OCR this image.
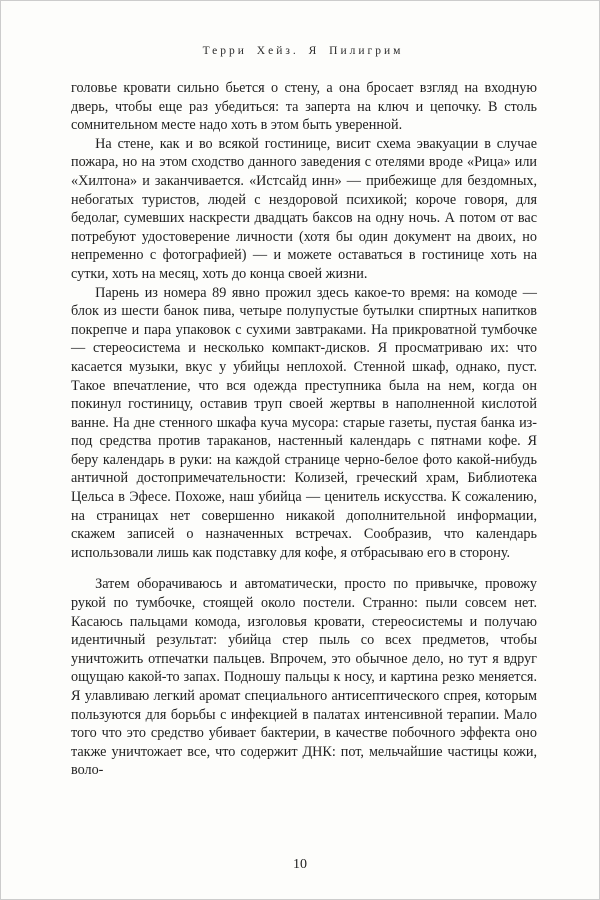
Терри Хейз. Я Пилигрим

головье кровати сильно бьется о стену, а она бросает взгляд на входную дверь, чтобы еще раз убедиться: та заперта на ключ и цепочку. В столь сомнительном месте надо хоть в этом быть уверенной.

На стене, как и во всякой гостинице, висит схема эвакуации в случае пожара, но на этом сходство данного заведения с отелями вроде «Рица» или «Хилтона» и заканчивается. «Истсайд инн» — прибежище для бездомных, небогатых туристов, людей с нездоровой психикой; короче говоря, для бедолаг, сумевших наскрести двадцать баксов на одну ночь. А потом от вас потребуют удостоверение личности (хотя бы один документ на двоих, но непременно с фотографией) — и можете оставаться в гостинице хоть на сутки, хоть на месяц, хоть до конца своей жизни.

Парень из номера 89 явно прожил здесь какое-то время: на комоде — блок из шести банок пива, четыре полупустые бутылки спиртных напитков покрепче и пара упаковок с сухими завтраками. На прикроватной тумбочке — стереосистема и несколько компакт-дисков. Я просматриваю их: что касается музыки, вкус у убийцы неплохой. Стенной шкаф, однако, пуст. Такое впечатление, что вся одежда преступника была на нем, когда он покинул гостиницу, оставив труп своей жертвы в наполненной кислотой ванне. На дне стенного шкафа куча мусора: старые газеты, пустая банка из-под средства против тараканов, настенный календарь с пятнами кофе. Я беру календарь в руки: на каждой странице черно-белое фото какой-нибудь античной достопримечательности: Колизей, греческий храм, Библиотека Цельса в Эфесе. Похоже, наш убийца — ценитель искусства. К сожалению, на страницах нет совершенно никакой дополнительной информации, скажем записей о назначенных встречах. Сообразив, что календарь использовали лишь как подставку для кофе, я отбрасываю его в сторону.

Затем оборачиваюсь и автоматически, просто по привычке, провожу рукой по тумбочке, стоящей около постели. Странно: пыли совсем нет. Касаюсь пальцами комода, изголовья кровати, стереосистемы и получаю идентичный результат: убийца стер пыль со всех предметов, чтобы уничтожить отпечатки пальцев. Впрочем, это обычное дело, но тут я вдруг ощущаю какой-то запах. Подношу пальцы к носу, и картина резко меняется. Я улавливаю легкий аромат специального антисептического спрея, которым пользуются для борьбы с инфекцией в палатах интенсивной терапии. Мало того что это средство убивает бактерии, в качестве побочного эффекта оно также уничтожает все, что содержит ДНК: пот, мельчайшие частицы кожи, воло-

10
